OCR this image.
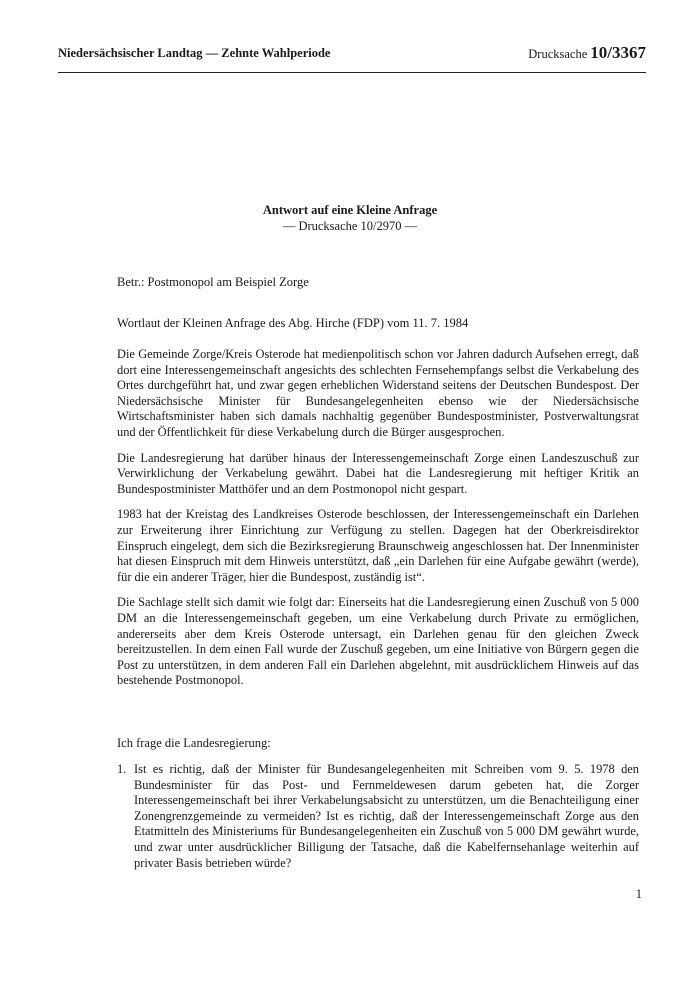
Niedersächsischer Landtag — Zehnte Wahlperiode	Drucksache 10/3367
Antwort auf eine Kleine Anfrage
— Drucksache 10/2970 —
Betr.: Postmonopol am Beispiel Zorge
Wortlaut der Kleinen Anfrage des Abg. Hirche (FDP) vom 11. 7. 1984

Die Gemeinde Zorge/Kreis Osterode hat medienpolitisch schon vor Jahren dadurch Aufsehen erregt, daß dort eine Interessengemeinschaft angesichts des schlechten Fernsehempfangs selbst die Verkabelung des Ortes durchgeführt hat, und zwar gegen erheblichen Widerstand seitens der Deutschen Bundespost. Der Niedersächsische Minister für Bundesangelegenheiten ebenso wie der Niedersächsische Wirtschaftsminister haben sich damals nachhaltig gegenüber Bundespostminister, Postverwaltungsrat und der Öffentlichkeit für diese Verkabelung durch die Bürger ausgesprochen.

Die Landesregierung hat darüber hinaus der Interessengemeinschaft Zorge einen Landeszuschuß zur Verwirklichung der Verkabelung gewährt. Dabei hat die Landesregierung mit heftiger Kritik an Bundespostminister Matthöfer und an dem Postmonopol nicht gespart.

1983 hat der Kreistag des Landkreises Osterode beschlossen, der Interessengemeinschaft ein Darlehen zur Erweiterung ihrer Einrichtung zur Verfügung zu stellen. Dagegen hat der Oberkreisdirektor Einspruch eingelegt, dem sich die Bezirksregierung Braunschweig angeschlossen hat. Der Innenminister hat diesen Einspruch mit dem Hinweis unterstützt, daß „ein Darlehen für eine Aufgabe gewährt (werde), für die ein anderer Träger, hier die Bundespost, zuständig ist“.

Die Sachlage stellt sich damit wie folgt dar: Einerseits hat die Landesregierung einen Zuschuß von 5 000 DM an die Interessengemeinschaft gegeben, um eine Verkabelung durch Private zu ermöglichen, andererseits aber dem Kreis Osterode untersagt, ein Darlehen genau für den gleichen Zweck bereitzustellen. In dem einen Fall wurde der Zuschuß gegeben, um eine Initiative von Bürgern gegen die Post zu unterstützen, in dem anderen Fall ein Darlehen abgelehnt, mit ausdrücklichem Hinweis auf das bestehende Postmonopol.

Ich frage die Landesregierung:
1. Ist es richtig, daß der Minister für Bundesangelegenheiten mit Schreiben vom 9. 5. 1978 den Bundesminister für das Post- und Fernmeldewesen darum gebeten hat, die Zorger Interessengemeinschaft bei ihrer Verkabelungsabsicht zu unterstützen, um die Benachteiligung einer Zonengrenzgemeinde zu vermeiden? Ist es richtig, daß der Interessengemeinschaft Zorge aus den Etatmitteln des Ministeriums für Bundesangelegenheiten ein Zuschuß von 5 000 DM gewährt wurde, und zwar unter ausdrücklicher Billigung der Tatsache, daß die Kabelfernsehanlage weiterhin auf privater Basis betrieben würde?
1
